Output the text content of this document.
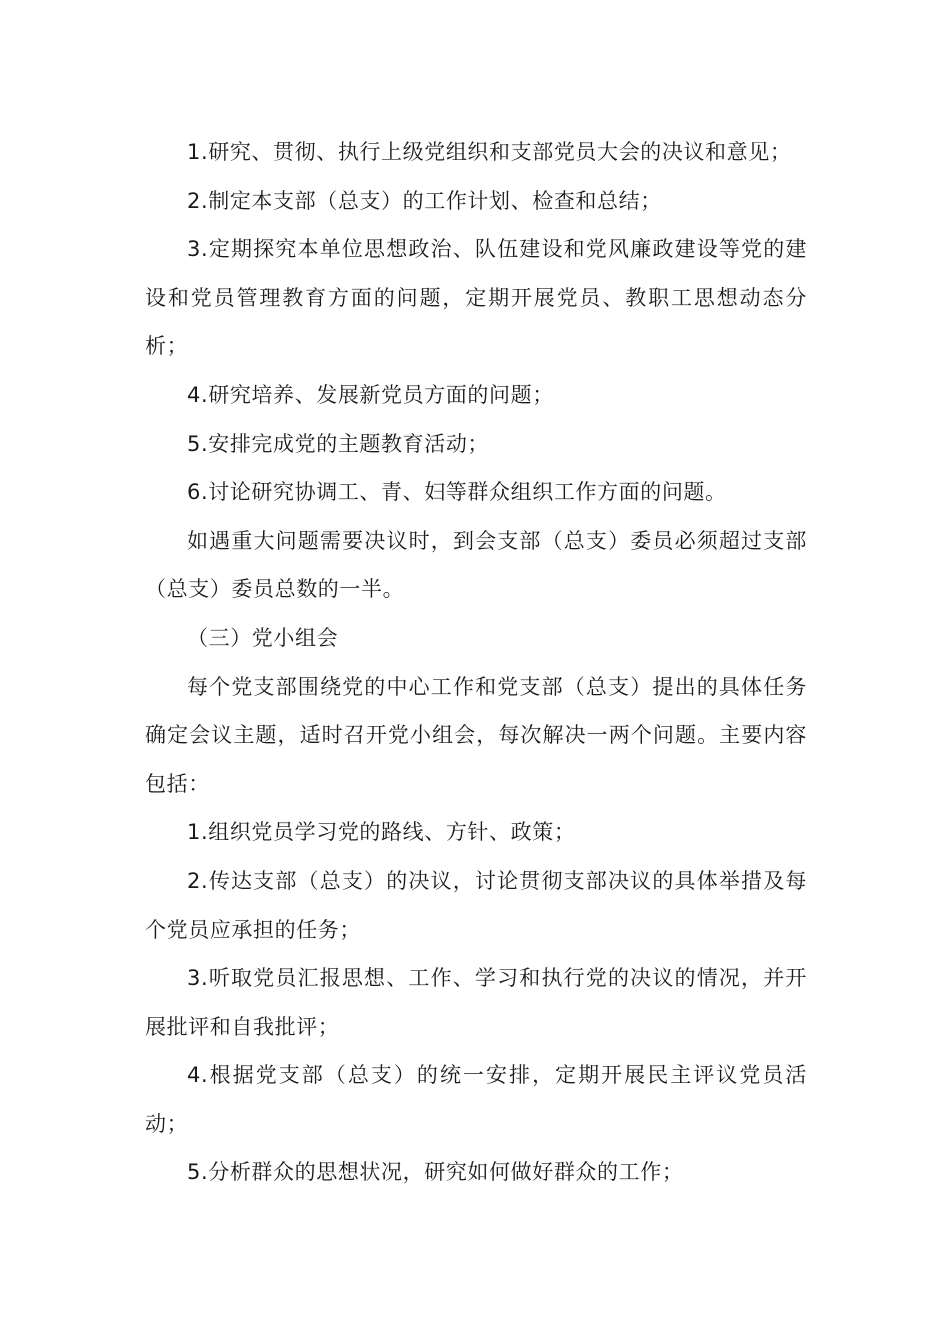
1.研究、贯彻、执行上级党组织和支部党员大会的决议和意见；

2.制定本支部（总支）的工作计划、检查和总结；

3.定期探究本单位思想政治、队伍建设和党风廉政建设等党的建设和党员管理教育方面的问题，定期开展党员、教职工思想动态分析；

4.研究培养、发展新党员方面的问题；

5.安排完成党的主题教育活动；

6.讨论研究协调工、青、妇等群众组织工作方面的问题。

如遇重大问题需要决议时，到会支部（总支）委员必须超过支部（总支）委员总数的一半。

（三）党小组会

每个党支部围绕党的中心工作和党支部（总支）提出的具体任务确定会议主题，适时召开党小组会，每次解决一两个问题。主要内容包括：

1.组织党员学习党的路线、方针、政策；

2.传达支部（总支）的决议，讨论贯彻支部决议的具体举措及每个党员应承担的任务；

3.听取党员汇报思想、工作、学习和执行党的决议的情况，并开展批评和自我批评；

4.根据党支部（总支）的统一安排，定期开展民主评议党员活动；

5.分析群众的思想状况，研究如何做好群众的工作；
